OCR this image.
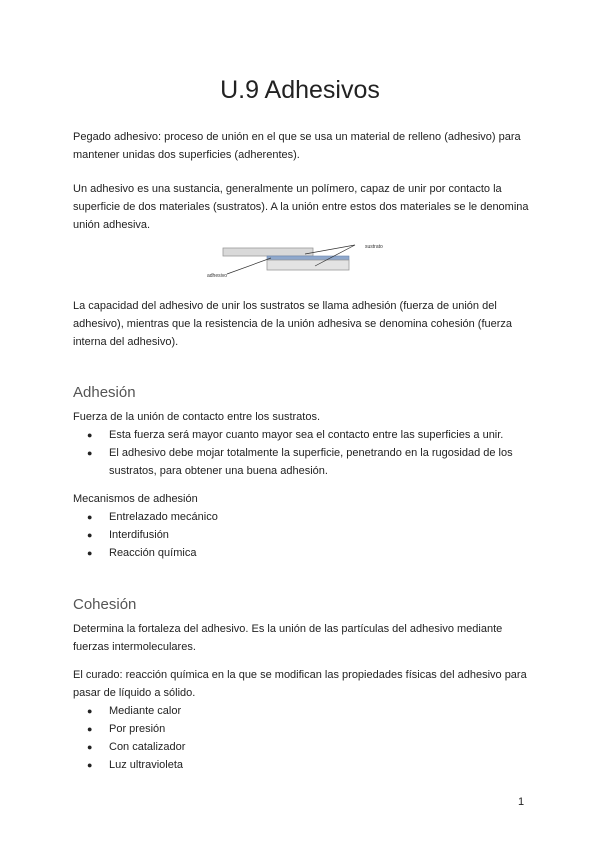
U.9 Adhesivos

Pegado adhesivo: proceso de unión en el que se usa un material de relleno (adhesivo) para mantener unidas dos superficies (adherentes).

Un adhesivo es una sustancia, generalmente un polímero, capaz de unir por contacto la superficie de dos materiales (sustratos). A la unión entre estos dos materiales se le denomina unión adhesiva.

sustrato
adhesivo

La capacidad del adhesivo de unir los sustratos se llama adhesión (fuerza de unión del adhesivo), mientras que la resistencia de la unión adhesiva se denomina cohesión (fuerza interna del adhesivo).

Adhesión

Fuerza de la unión de contacto entre los sustratos.

● Esta fuerza será mayor cuanto mayor sea el contacto entre las superficies a unir.
● El adhesivo debe mojar totalmente la superficie, penetrando en la rugosidad de los sustratos, para obtener una buena adhesión.

Mecanismos de adhesión

● Entrelazado mecánico
● Interdifusión
● Reacción química
Cohesión

Determina la fortaleza del adhesivo. Es la unión de las partículas del adhesivo mediante fuerzas intermoleculares.

El curado: reacción química en la que se modifican las propiedades físicas del adhesivo para pasar de líquido a sólido.

● Mediante calor
● Por presión
● Con catalizador
● Luz ultravioleta
1
